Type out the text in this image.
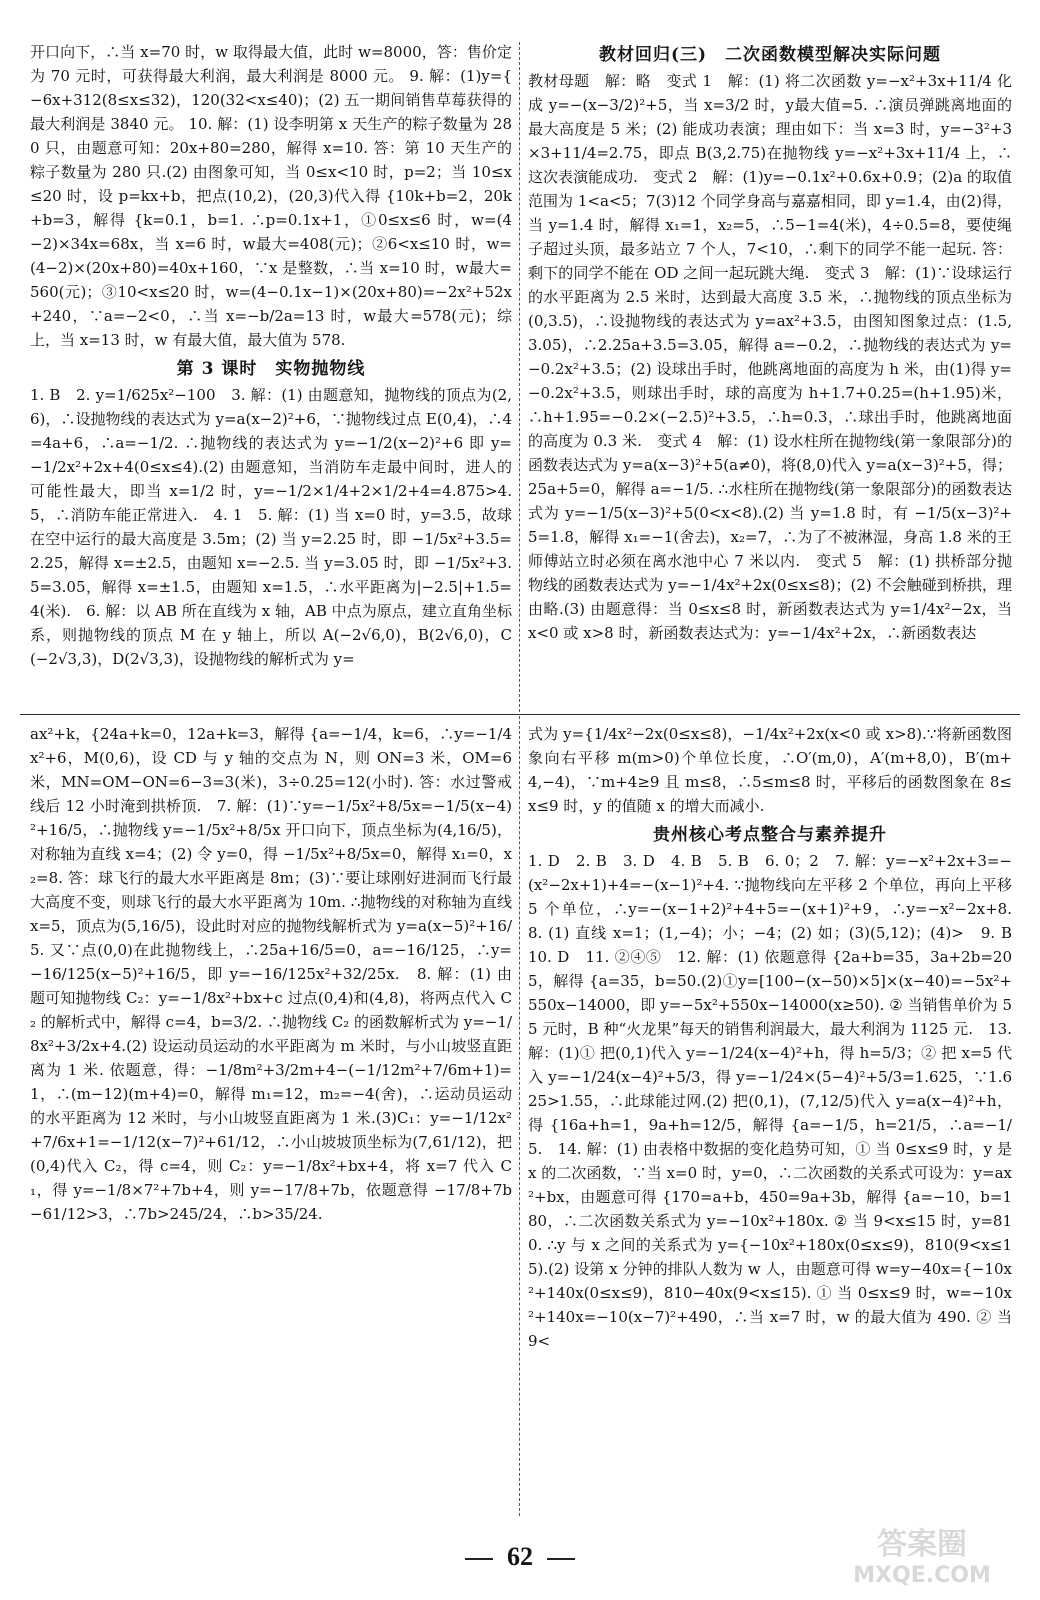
开口向下，∴当 x=70 时，w 取得最大值，此时 w=8000，答：售价定为 70 元时，可获得最大利润，最大利润是 8000 元。 9. 解：(1)y={ −6x+312(8≤x≤32)，120(32<x≤40)；(2) 五一期间销售草莓获得的最大利润是 3840 元。 10. 解：(1) 设李明第 x 天生产的粽子数量为 280 只，由题意可知：20x+80=280，解得 x=10. 答：第 10 天生产的粽子数量为 280 只.(2) 由图象可知，当 0≤x<10 时，p=2；当 10≤x≤20 时，设 p=kx+b，把点(10,2)，(20,3)代入得 {10k+b=2，20k+b=3，解得 {k=0.1，b=1. ∴p=0.1x+1，①0≤x≤6 时，w=(4−2)×34x=68x，当 x=6 时，w最大=408(元)；②6<x≤10 时，w=(4−2)×(20x+80)=40x+160，∵x 是整数，∴当 x=10 时，w最大=560(元)；③10<x≤20 时，w=(4−0.1x−1)×(20x+80)=−2x²+52x+240，∵a=−2<0，∴当 x=−b/2a=13 时，w最大=578(元)；综上，当 x=13 时，w 有最大值，最大值为 578.

第 3 课时　实物抛物线

1. B　2. y=1/625x²−100　3. 解：(1) 由题意知，抛物线的顶点为(2,6)，∴设抛物线的表达式为 y=a(x−2)²+6，∵抛物线过点 E(0,4)，∴4=4a+6，∴a=−1/2. ∴抛物线的表达式为 y=−1/2(x−2)²+6 即 y=−1/2x²+2x+4(0≤x≤4).(2) 由题意知，当消防车走最中间时，进人的可能性最大，即当 x=1/2 时，y=−1/2×1/4+2×1/2+4=4.875>4.5，∴消防车能正常进入.　4. 1　5. 解：(1) 当 x=0 时，y=3.5，故球在空中运行的最大高度是 3.5m；(2) 当 y=2.25 时，即 −1/5x²+3.5=2.25，解得 x=±2.5，由题知 x=−2.5. 当 y=3.05 时，即 −1/5x²+3.5=3.05，解得 x=±1.5，由题知 x=1.5，∴水平距离为|−2.5|+1.5=4(米).　6. 解：以 AB 所在直线为 x 轴，AB 中点为原点，建立直角坐标系，则抛物线的顶点 M 在 y 轴上，所以 A(−2√6,0)，B(2√6,0)，C(−2√3,3)，D(2√3,3)，设抛物线的解析式为 y=

教材回归(三)　二次函数模型解决实际问题

教材母题　解：略　变式 1　解：(1) 将二次函数 y=−x²+3x+11/4 化成 y=−(x−3/2)²+5，当 x=3/2 时，y最大值=5. ∴演员弹跳离地面的最大高度是 5 米；(2) 能成功表演；理由如下：当 x=3 时，y=−3²+3×3+11/4=2.75，即点 B(3,2.75)在抛物线 y=−x²+3x+11/4 上，∴这次表演能成功.　变式 2　解：(1)y=−0.1x²+0.6x+0.9；(2)a 的取值范围为 1<a<5；7(3)12 个同学身高与嘉嘉相同，即 y=1.4，由(2)得，当 y=1.4 时，解得 x₁=1，x₂=5，∴5−1=4(米)，4÷0.5=8，要使绳子超过头顶，最多站立 7 个人，7<10，∴剩下的同学不能一起玩. 答：剩下的同学不能在 OD 之间一起玩跳大绳.　变式 3　解：(1)∵设球运行的水平距离为 2.5 米时，达到最大高度 3.5 米，∴抛物线的顶点坐标为(0,3.5)，∴设抛物线的表达式为 y=ax²+3.5，由图知图象过点：(1.5,3.05)，∴2.25a+3.5=3.05，解得 a=−0.2，∴抛物线的表达式为 y=−0.2x²+3.5；(2) 设球出手时，他跳离地面的高度为 h 米，由(1)得 y=−0.2x²+3.5，则球出手时，球的高度为 h+1.7+0.25=(h+1.95)米，∴h+1.95=−0.2×(−2.5)²+3.5，∴h=0.3，∴球出手时，他跳离地面的高度为 0.3 米.　变式 4　解：(1) 设水柱所在抛物线(第一象限部分)的函数表达式为 y=a(x−3)²+5(a≠0)，将(8,0)代入 y=a(x−3)²+5，得；25a+5=0，解得 a=−1/5. ∴水柱所在抛物线(第一象限部分)的函数表达式为 y=−1/5(x−3)²+5(0<x<8).(2) 当 y=1.8 时，有 −1/5(x−3)²+5=1.8，解得 x₁=−1(舍去)，x₂=7，∴为了不被淋湿，身高 1.8 米的王师傅站立时必须在离水池中心 7 米以内.　变式 5　解：(1) 拱桥部分抛物线的函数表达式为 y=−1/4x²+2x(0≤x≤8)；(2) 不会触碰到桥拱，理由略.(3) 由题意得：当 0≤x≤8 时，新函数表达式为 y=1/4x²−2x，当 x<0 或 x>8 时，新函数表达式为：y=−1/4x²+2x，∴新函数表达

ax²+k，{24a+k=0，12a+k=3，解得 {a=−1/4，k=6，∴y=−1/4x²+6，M(0,6)，设 CD 与 y 轴的交点为 N，则 ON=3 米，OM=6 米，MN=OM−ON=6−3=3(米)，3÷0.25=12(小时). 答：水过警戒线后 12 小时淹到拱桥顶.　7. 解：(1)∵y=−1/5x²+8/5x=−1/5(x−4)²+16/5，∴抛物线 y=−1/5x²+8/5x 开口向下，顶点坐标为(4,16/5)，对称轴为直线 x=4；(2) 令 y=0，得 −1/5x²+8/5x=0，解得 x₁=0，x₂=8. 答：球飞行的最大水平距离是 8m；(3)∵要让球刚好进洞而飞行最大高度不变，则球飞行的最大水平距离为 10m. ∴抛物线的对称轴为直线 x=5，顶点为(5,16/5)，设此时对应的抛物线解析式为 y=a(x−5)²+16/5. 又∵点(0,0)在此抛物线上，∴25a+16/5=0，a=−16/125，∴y=−16/125(x−5)²+16/5，即 y=−16/125x²+32/25x.　8. 解：(1) 由题可知抛物线 C₂：y=−1/8x²+bx+c 过点(0,4)和(4,8)，将两点代入 C₂ 的解析式中，解得 c=4，b=3/2. ∴抛物线 C₂ 的函数解析式为 y=−1/8x²+3/2x+4.(2) 设运动员运动的水平距离为 m 米时，与小山坡竖直距离为 1 米. 依题意，得：−1/8m²+3/2m+4−(−1/12m²+7/6m+1)=1，∴(m−12)(m+4)=0，解得 m₁=12，m₂=−4(舍)，∴运动员运动的水平距离为 12 米时，与小山坡竖直距离为 1 米.(3)C₁：y=−1/12x²+7/6x+1=−1/12(x−7)²+61/12，∴小山坡坡顶坐标为(7,61/12)，把(0,4)代入 C₂，得 c=4，则 C₂：y=−1/8x²+bx+4，将 x=7 代入 C₁，得 y=−1/8×7²+7b+4，则 y=−17/8+7b，依题意得 −17/8+7b−61/12>3，∴7b>245/24，∴b>35/24.

式为 y={1/4x²−2x(0≤x≤8)，−1/4x²+2x(x<0 或 x>8).∵将新函数图象向右平移 m(m>0)个单位长度，∴O′(m,0)，A′(m+8,0)，B′(m+4,−4)，∵m+4≥9 且 m≤8，∴5≤m≤8 时，平移后的函数图象在 8≤x≤9 时，y 的值随 x 的增大而减小.

贵州核心考点整合与素养提升

1. D　2. B　3. D　4. B　5. B　6. 0；2　7. 解：y=−x²+2x+3=−(x²−2x+1)+4=−(x−1)²+4. ∵抛物线向左平移 2 个单位，再向上平移 5 个单位，∴y=−(x−1+2)²+4+5=−(x+1)²+9，∴y=−x²−2x+8.　8. (1) 直线 x=1；(1,−4)；小；−4；(2) 如；(3)(5,12)；(4)>　9. B　10. D　11. ②④⑤　12. 解：(1) 依题意得 {2a+b=35，3a+2b=205，解得 {a=35，b=50.(2)①y=[100−(x−50)×5]×(x−40)=−5x²+550x−14000，即 y=−5x²+550x−14000(x≥50). ② 当销售单价为 55 元时，B 种“火龙果”每天的销售利润最大，最大利润为 1125 元.　13. 解：(1)① 把(0,1)代入 y=−1/24(x−4)²+h，得 h=5/3；② 把 x=5 代入 y=−1/24(x−4)²+5/3，得 y=−1/24×(5−4)²+5/3=1.625，∵1.625>1.55，∴此球能过网.(2) 把(0,1)，(7,12/5)代入 y=a(x−4)²+h，得 {16a+h=1，9a+h=12/5，解得 {a=−1/5，h=21/5，∴a=−1/5.　14. 解：(1) 由表格中数据的变化趋势可知，① 当 0≤x≤9 时，y 是 x 的二次函数，∵当 x=0 时，y=0，∴二次函数的关系式可设为：y=ax²+bx，由题意可得 {170=a+b，450=9a+3b，解得 {a=−10，b=180，∴二次函数关系式为 y=−10x²+180x. ② 当 9<x≤15 时，y=810. ∴y 与 x 之间的关系式为 y={−10x²+180x(0≤x≤9)，810(9<x≤15).(2) 设第 x 分钟的排队人数为 w 人，由题意可得 w=y−40x={−10x²+140x(0≤x≤9)，810−40x(9<x≤15). ① 当 0≤x≤9 时，w=−10x²+140x=−10(x−7)²+490，∴当 x=7 时，w 的最大值为 490. ② 当 9<

62	答案圈
MXQE.COM
